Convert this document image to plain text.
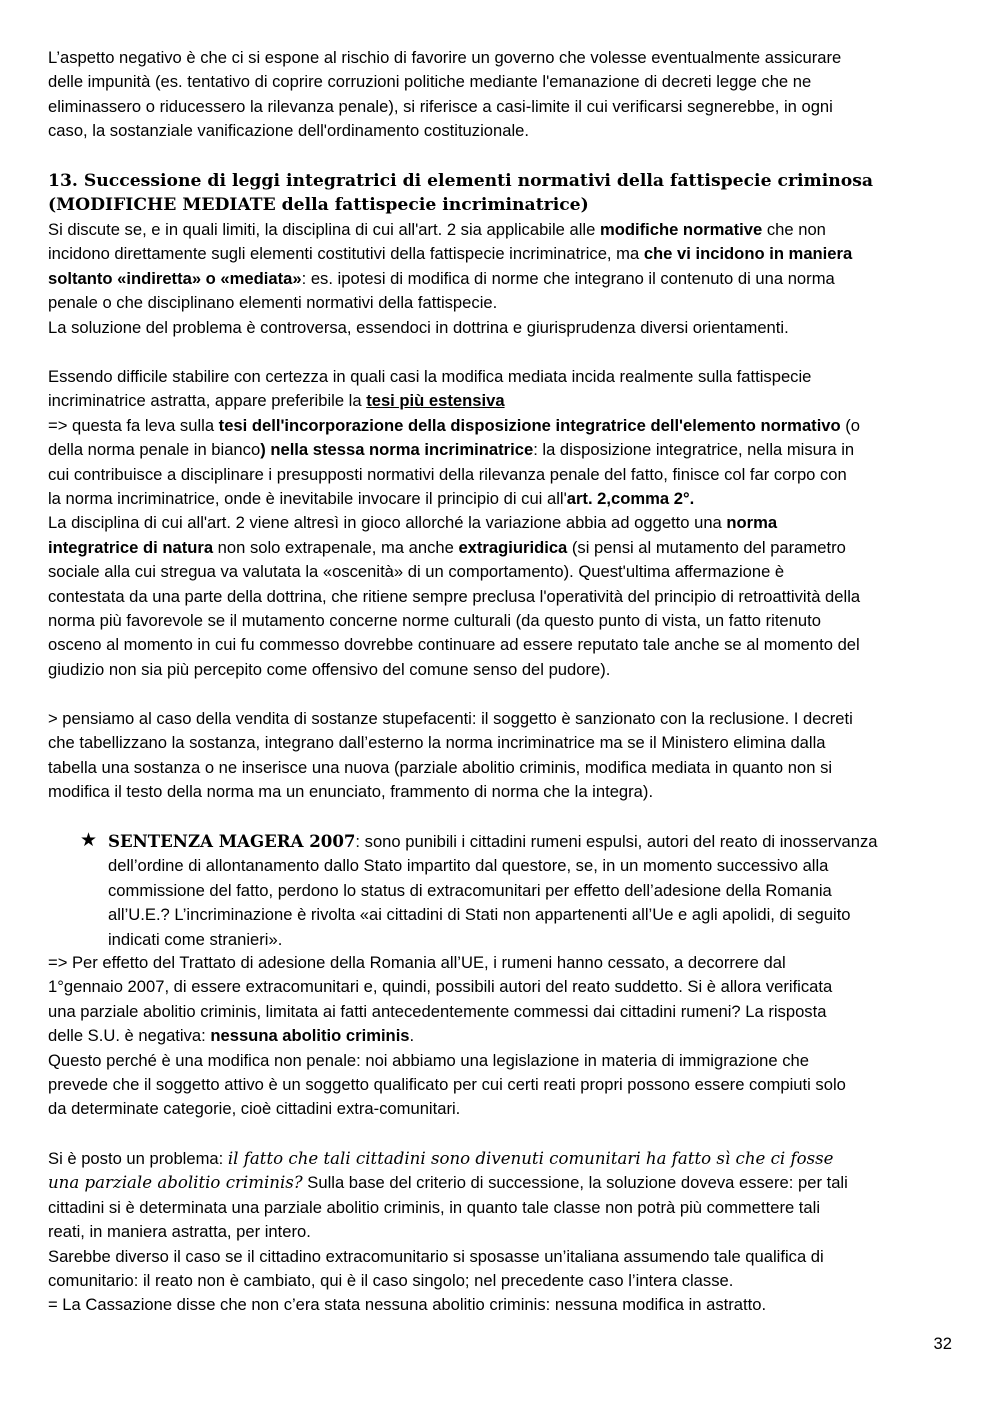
L’aspetto negativo è che ci si espone al rischio di favorire un governo che volesse eventualmente assicurare
delle impunità (es. tentativo di coprire corruzioni politiche mediante l'emanazione di decreti legge che ne
eliminassero o riducessero la rilevanza penale), si riferisce a casi-limite il cui verificarsi segnerebbe, in ogni
caso, la sostanziale vanificazione dell'ordinamento costituzionale.
13. Successione di leggi integratrici di elementi normativi della fattispecie criminosa
(MODIFICHE MEDIATE della fattispecie incriminatrice)
Si discute se, e in quali limiti, la disciplina di cui all'art. 2 sia applicabile alle modifiche normative che non
incidono direttamente sugli elementi costitutivi della fattispecie incriminatrice, ma che vi incidono in maniera
soltanto «indiretta» o «mediata»: es. ipotesi di modifica di norme che integrano il contenuto di una norma
penale o che disciplinano elementi normativi della fattispecie.
La soluzione del problema è controversa, essendoci in dottrina e giurisprudenza diversi orientamenti.
Essendo difficile stabilire con certezza in quali casi la modifica mediata incida realmente sulla fattispecie
incriminatrice astratta, appare preferibile la tesi più estensiva
=> questa fa leva sulla tesi dell'incorporazione della disposizione integratrice dell'elemento normativo (o
della norma penale in bianco) nella stessa norma incriminatrice: la disposizione integratrice, nella misura in
cui contribuisce a disciplinare i presupposti normativi della rilevanza penale del fatto, finisce col far corpo con
la norma incriminatrice, onde è inevitabile invocare il principio di cui all'art. 2,comma 2°.
La disciplina di cui all'art. 2 viene altresì in gioco allorché la variazione abbia ad oggetto una norma
integratrice di natura non solo extrapenale, ma anche extragiuridica (si pensi al mutamento del parametro
sociale alla cui stregua va valutata la «oscenità» di un comportamento). Quest'ultima affermazione è
contestata da una parte della dottrina, che ritiene sempre preclusa l'operatività del principio di retroattività della
norma più favorevole se il mutamento concerne norme culturali (da questo punto di vista, un fatto ritenuto
osceno al momento in cui fu commesso dovrebbe continuare ad essere reputato tale anche se al momento del
giudizio non sia più percepito come offensivo del comune senso del pudore).
> pensiamo al caso della vendita di sostanze stupefacenti: il soggetto è sanzionato con la reclusione. I decreti
che tabellizzano la sostanza, integrano dall’esterno la norma incriminatrice ma se il Ministero elimina dalla
tabella una sostanza o ne inserisce una nuova (parziale abolitio criminis, modifica mediata in quanto non si
modifica il testo della norma ma un enunciato, frammento di norma che la integra).
★ SENTENZA MAGERA 2007: sono punibili i cittadini rumeni espulsi, autori del reato di inosservanza
dell’ordine di allontanamento dallo Stato impartito dal questore, se, in un momento successivo alla
commissione del fatto, perdono lo status di extracomunitari per effetto dell’adesione della Romania
all’U.E.? L’incriminazione è rivolta «ai cittadini di Stati non appartenenti all’Ue e agli apolidi, di seguito
indicati come stranieri».
=> Per effetto del Trattato di adesione della Romania all’UE, i rumeni hanno cessato, a decorrere dal
1°gennaio 2007, di essere extracomunitari e, quindi, possibili autori del reato suddetto. Si è allora verificata
una parziale abolitio criminis, limitata ai fatti antecedentemente commessi dai cittadini rumeni? La risposta
delle S.U. è negativa: nessuna abolitio criminis.
Questo perché è una modifica non penale: noi abbiamo una legislazione in materia di immigrazione che
prevede che il soggetto attivo è un soggetto qualificato per cui certi reati propri possono essere compiuti solo
da determinate categorie, cioè cittadini extra-comunitari.
Si è posto un problema: il fatto che tali cittadini sono divenuti comunitari ha fatto sì che ci fosse
una parziale abolitio criminis? Sulla base del criterio di successione, la soluzione doveva essere: per tali
cittadini si è determinata una parziale abolitio criminis, in quanto tale classe non potrà più commettere tali
reati, in maniera astratta, per intero.
Sarebbe diverso il caso se il cittadino extracomunitario si sposasse un’italiana assumendo tale qualifica di
comunitario: il reato non è cambiato, qui è il caso singolo; nel precedente caso l’intera classe.
= La Cassazione disse che non c’era stata nessuna abolitio criminis: nessuna modifica in astratto.
32
